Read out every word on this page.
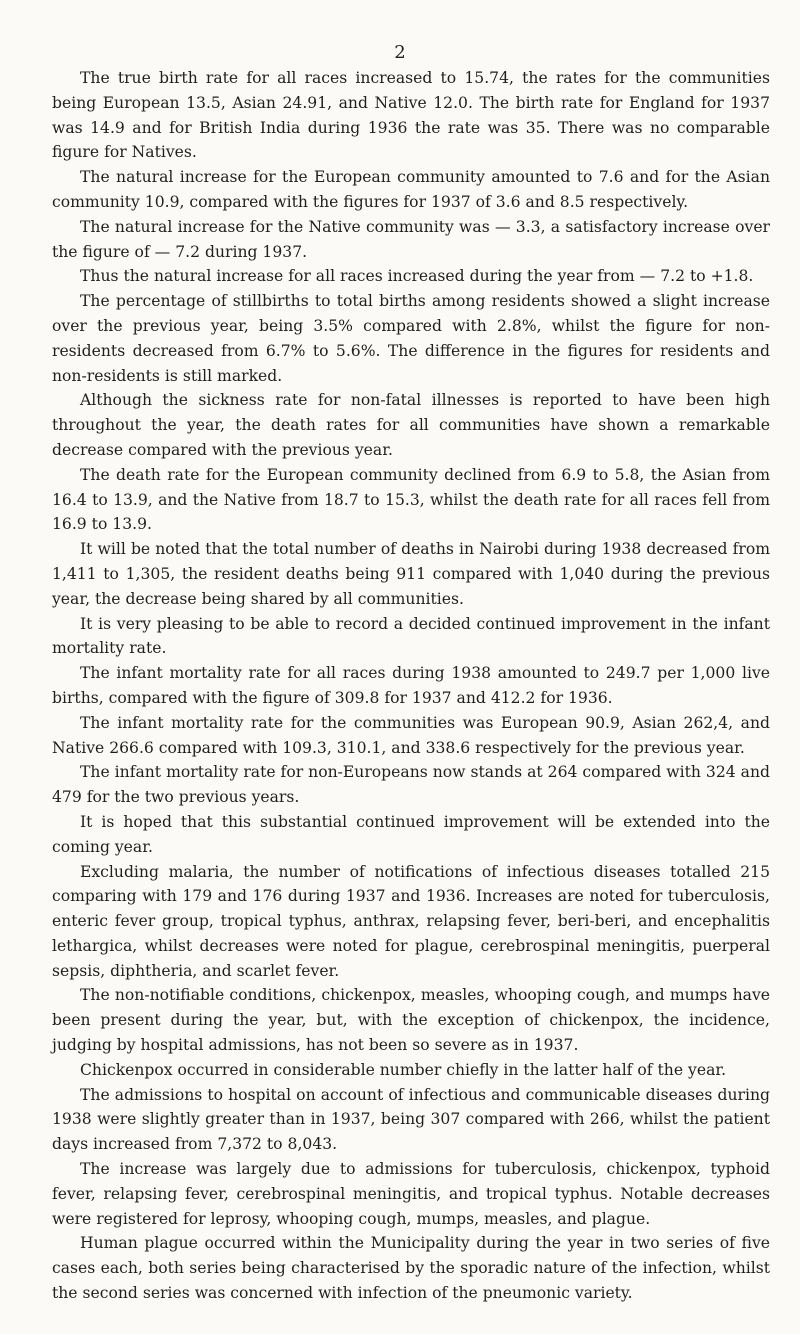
2

The true birth rate for all races increased to 15.74, the rates for the communities being European 13.5, Asian 24.91, and Native 12.0. The birth rate for England for 1937 was 14.9 and for British India during 1936 the rate was 35. There was no comparable figure for Natives.

The natural increase for the European community amounted to 7.6 and for the Asian community 10.9, compared with the figures for 1937 of 3.6 and 8.5 respectively.

The natural increase for the Native community was — 3.3, a satisfactory increase over the figure of — 7.2 during 1937.

Thus the natural increase for all races increased during the year from — 7.2 to +1.8.

The percentage of stillbirths to total births among residents showed a slight increase over the previous year, being 3.5% compared with 2.8%, whilst the figure for non-residents decreased from 6.7% to 5.6%. The difference in the figures for residents and non-residents is still marked.

Although the sickness rate for non-fatal illnesses is reported to have been high throughout the year, the death rates for all communities have shown a remarkable decrease compared with the previous year.

The death rate for the European community declined from 6.9 to 5.8, the Asian from 16.4 to 13.9, and the Native from 18.7 to 15.3, whilst the death rate for all races fell from 16.9 to 13.9.

It will be noted that the total number of deaths in Nairobi during 1938 decreased from 1,411 to 1,305, the resident deaths being 911 compared with 1,040 during the previous year, the decrease being shared by all communities.

It is very pleasing to be able to record a decided continued improvement in the infant mortality rate.

The infant mortality rate for all races during 1938 amounted to 249.7 per 1,000 live births, compared with the figure of 309.8 for 1937 and 412.2 for 1936.

The infant mortality rate for the communities was European 90.9, Asian 262,4, and Native 266.6 compared with 109.3, 310.1, and 338.6 respectively for the previous year.

The infant mortality rate for non-Europeans now stands at 264 compared with 324 and 479 for the two previous years.

It is hoped that this substantial continued improvement will be extended into the coming year.

Excluding malaria, the number of notifications of infectious diseases totalled 215 comparing with 179 and 176 during 1937 and 1936. Increases are noted for tuberculosis, enteric fever group, tropical typhus, anthrax, relapsing fever, beri-beri, and encephalitis lethargica, whilst decreases were noted for plague, cerebrospinal meningitis, puerperal sepsis, diphtheria, and scarlet fever.

The non-notifiable conditions, chickenpox, measles, whooping cough, and mumps have been present during the year, but, with the exception of chickenpox, the incidence, judging by hospital admissions, has not been so severe as in 1937.

Chickenpox occurred in considerable number chiefly in the latter half of the year.

The admissions to hospital on account of infectious and communicable diseases during 1938 were slightly greater than in 1937, being 307 compared with 266, whilst the patient days increased from 7,372 to 8,043.

The increase was largely due to admissions for tuberculosis, chickenpox, typhoid fever, relapsing fever, cerebrospinal meningitis, and tropical typhus. Notable decreases were registered for leprosy, whooping cough, mumps, measles, and plague.

Human plague occurred within the Municipality during the year in two series of five cases each, both series being characterised by the sporadic nature of the infection, whilst the second series was concerned with infection of the pneumonic variety.
